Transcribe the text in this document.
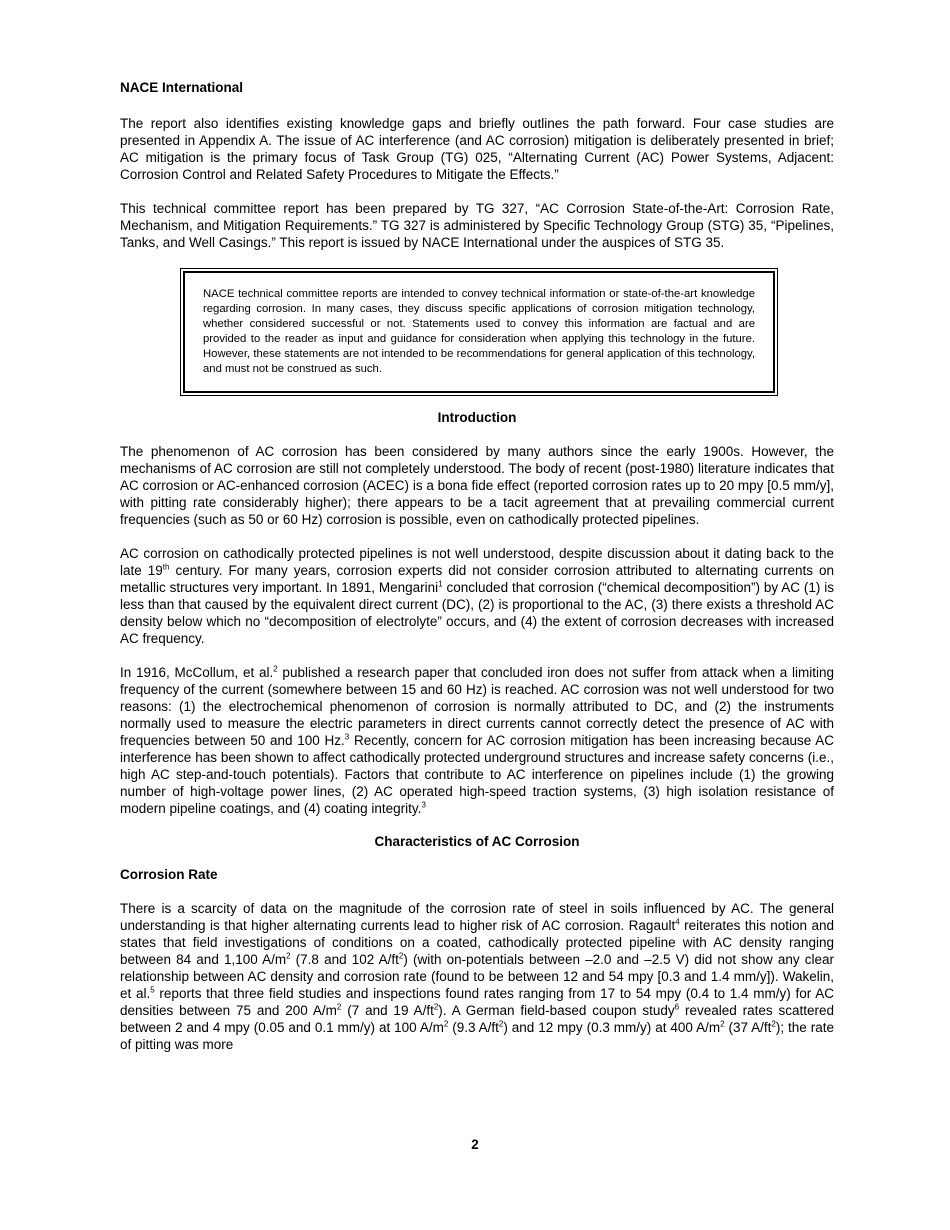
NACE International

The report also identifies existing knowledge gaps and briefly outlines the path forward. Four case studies are presented in Appendix A. The issue of AC interference (and AC corrosion) mitigation is deliberately presented in brief; AC mitigation is the primary focus of Task Group (TG) 025, “Alternating Current (AC) Power Systems, Adjacent: Corrosion Control and Related Safety Procedures to Mitigate the Effects.”

This technical committee report has been prepared by TG 327, “AC Corrosion State-of-the-Art: Corrosion Rate, Mechanism, and Mitigation Requirements.” TG 327 is administered by Specific Technology Group (STG) 35, “Pipelines, Tanks, and Well Casings.” This report is issued by NACE International under the auspices of STG 35.

NACE technical committee reports are intended to convey technical information or state-of-the-art knowledge regarding corrosion. In many cases, they discuss specific applications of corrosion mitigation technology, whether considered successful or not. Statements used to convey this information are factual and are provided to the reader as input and guidance for consideration when applying this technology in the future. However, these statements are not intended to be recommendations for general application of this technology, and must not be construed as such.

Introduction

The phenomenon of AC corrosion has been considered by many authors since the early 1900s. However, the mechanisms of AC corrosion are still not completely understood. The body of recent (post-1980) literature indicates that AC corrosion or AC-enhanced corrosion (ACEC) is a bona fide effect (reported corrosion rates up to 20 mpy [0.5 mm/y], with pitting rate considerably higher); there appears to be a tacit agreement that at prevailing commercial current frequencies (such as 50 or 60 Hz) corrosion is possible, even on cathodically protected pipelines.

AC corrosion on cathodically protected pipelines is not well understood, despite discussion about it dating back to the late 19th century. For many years, corrosion experts did not consider corrosion attributed to alternating currents on metallic structures very important. In 1891, Mengarini$^1$ concluded that corrosion (“chemical decomposition”) by AC (1) is less than that caused by the equivalent direct current (DC), (2) is proportional to the AC, (3) there exists a threshold AC density below which no “decomposition of electrolyte” occurs, and (4) the extent of corrosion decreases with increased AC frequency.

In 1916, McCollum, et al.$^2$ published a research paper that concluded iron does not suffer from attack when a limiting frequency of the current (somewhere between 15 and 60 Hz) is reached. AC corrosion was not well understood for two reasons: (1) the electrochemical phenomenon of corrosion is normally attributed to DC, and (2) the instruments normally used to measure the electric parameters in direct currents cannot correctly detect the presence of AC with frequencies between 50 and 100 Hz.$^3$ Recently, concern for AC corrosion mitigation has been increasing because AC interference has been shown to affect cathodically protected underground structures and increase safety concerns (i.e., high AC step-and-touch potentials). Factors that contribute to AC interference on pipelines include (1) the growing number of high-voltage power lines, (2) AC operated high-speed traction systems, (3) high isolation resistance of modern pipeline coatings, and (4) coating integrity.$^3$

Characteristics of AC Corrosion
Corrosion Rate

There is a scarcity of data on the magnitude of the corrosion rate of steel in soils influenced by AC. The general understanding is that higher alternating currents lead to higher risk of AC corrosion. Ragault$^4$ reiterates this notion and states that field investigations of conditions on a coated, cathodically protected pipeline with AC density ranging between 84 and 1,100 $A/m^2$ (7.8 and 102 $A/ft^2$) (with on-potentials between –2.0 and –2.5 V) did not show any clear relationship between AC density and corrosion rate (found to be between 12 and 54 mpy [0.3 and 1.4 mm/y]). Wakelin, et al.$^5$ reports that three field studies and inspections found rates ranging from 17 to 54 mpy (0.4 to 1.4 mm/y) for AC densities between 75 and 200 $A/m^2$ (7 and 19 $A/ft^2$). A German field-based coupon study$^6$ revealed rates scattered between 2 and 4 mpy (0.05 and 0.1 mm/y) at 100 $A/m^2$ (9.3 $A/ft^2$) and 12 mpy (0.3 mm/y) at 400 $A/m^2$ (37 $A/ft^2$); the rate of pitting was more

2
